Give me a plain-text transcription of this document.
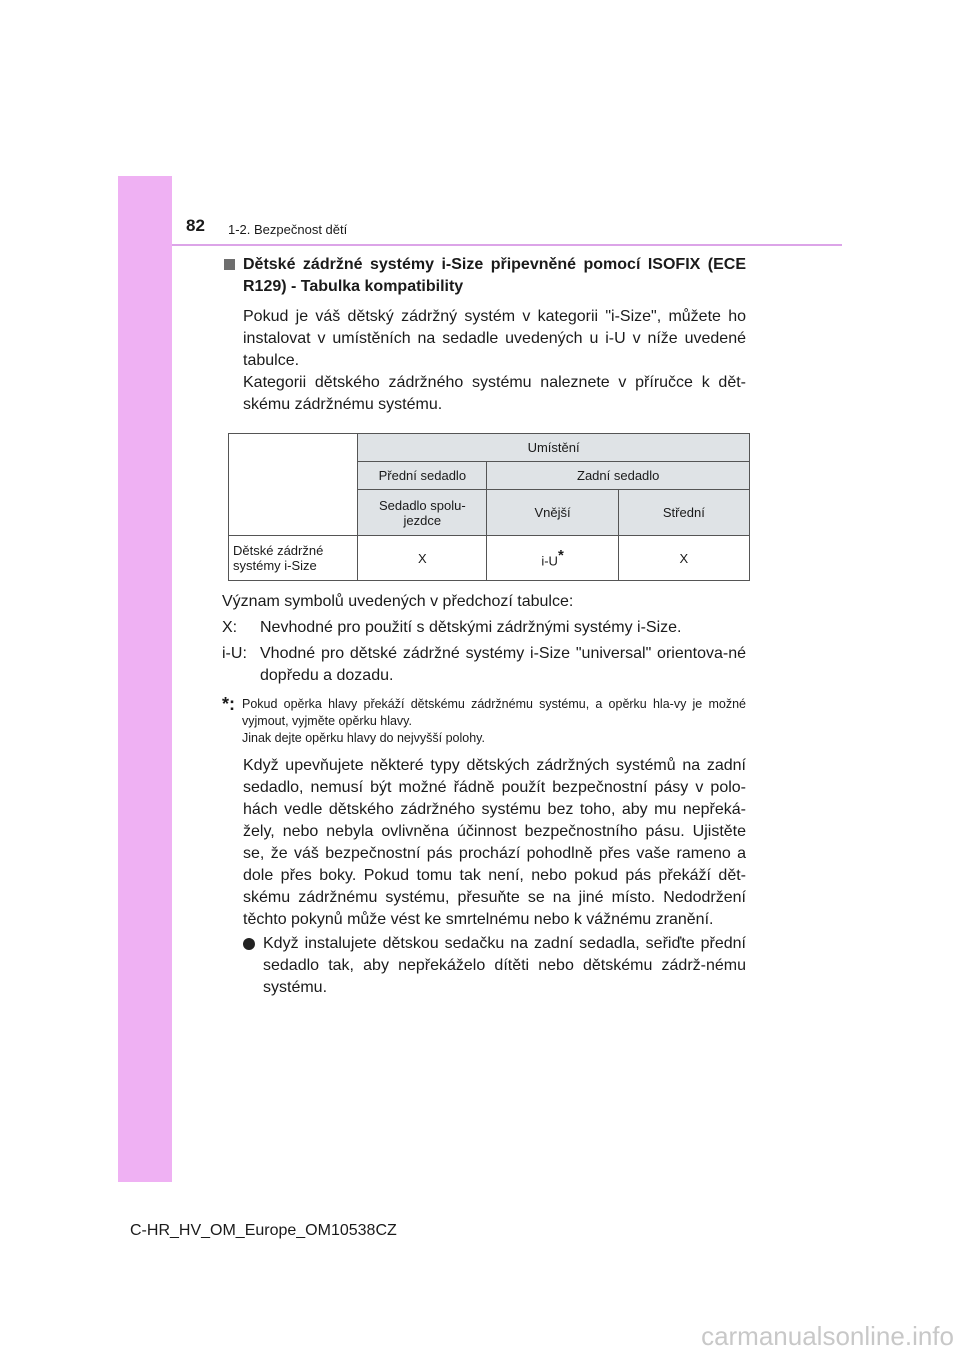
82 1-2. Bezpečnost dětí
Dětské zádržné systémy i-Size připevněné pomocí ISOFIX (ECE R129) - Tabulka kompatibility

Pokud je váš dětský zádržný systém v kategorii "i-Size", můžete ho instalovat v umístěních na sedadle uvedených u i-U v níže uvedené tabulce.

Kategorii dětského zádržného systému naleznete v příručce k dět-skému zádržnému systému.

	Umístění		
	Přední sedadlo	Zadní sedadlo	
	Sedadlo spolu-jezdce	Vnější	Střední
Dětské zádržné systémy i-Size	X	i-U*	X
Význam symbolů uvedených v předchozí tabulce:
X:	Nevhodné pro použití s dětskými zádržnými systémy i-Size.
i-U: Vhodné pro dětské zádržné systémy i-Size "universal" orientova-né dopředu a dozadu.
*: Pokud opěrka hlavy překáží dětskému zádržnému systému, a opěrku hla-vy je možné vyjmout, vyjměte opěrku hlavy.

Jinak dejte opěrku hlavy do nejvyšší polohy.

Když upevňujete některé typy dětských zádržných systémů na zadní sedadlo, nemusí být možné řádně použít bezpečnostní pásy v polo-hách vedle dětského zádržného systému bez toho, aby mu nepřeká-žely, nebo nebyla ovlivněna účinnost bezpečnostního pásu. Ujistěte se, že váš bezpečnostní pás prochází pohodlně přes vaše rameno a dole přes boky. Pokud tomu tak není, nebo pokud pás překáží dět-skému zádržnému systému, přesuňte se na jiné místo. Nedodržení těchto pokynů může vést ke smrtelnému nebo k vážnému zranění.

Když instalujete dětskou sedačku na zadní sedadla, seřiďte přední sedadlo tak, aby nepřekáželo dítěti nebo dětskému zádrž-nému systému.
C-HR_HV_OM_Europe_OM10538CZ
carmanualsonline.info
